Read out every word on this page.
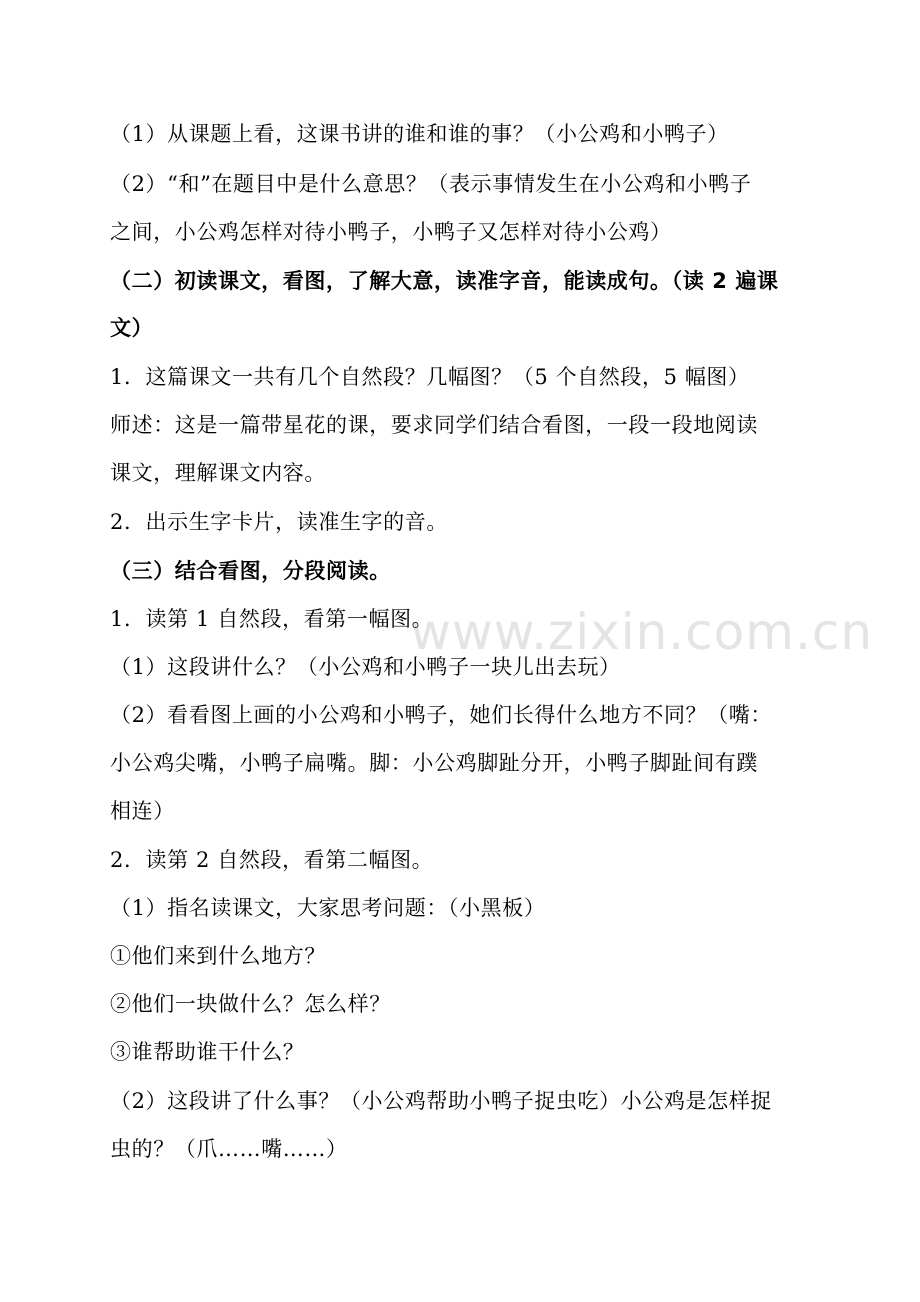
www.zixin.com.cn
（1）从课题上看，这课书讲的谁和谁的事？（小公鸡和小鸭子）
（2）“和”在题目中是什么意思？（表示事情发生在小公鸡和小鸭子
之间，小公鸡怎样对待小鸭子，小鸭子又怎样对待小公鸡）
（二）初读课文，看图，了解大意，读准字音，能读成句。（读 2 遍课
文）
1．这篇课文一共有几个自然段？几幅图？（5 个自然段，5 幅图）
师述：这是一篇带星花的课，要求同学们结合看图，一段一段地阅读
课文，理解课文内容。
2．出示生字卡片，读准生字的音。
（三）结合看图，分段阅读。
1．读第 1 自然段，看第一幅图。
（1）这段讲什么？（小公鸡和小鸭子一块儿出去玩）
（2）看看图上画的小公鸡和小鸭子，她们长得什么地方不同？（嘴：
小公鸡尖嘴，小鸭子扁嘴。脚：小公鸡脚趾分开，小鸭子脚趾间有蹼
相连）
2．读第 2 自然段，看第二幅图。
（1）指名读课文，大家思考问题：（小黑板）
①他们来到什么地方？
②他们一块做什么？怎么样？
③谁帮助谁干什么？
（2）这段讲了什么事？（小公鸡帮助小鸭子捉虫吃）小公鸡是怎样捉
虫的？（爪……嘴……）
